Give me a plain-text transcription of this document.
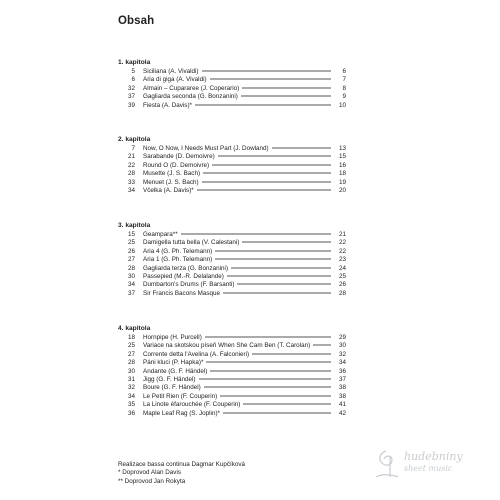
Obsah
1. kapitola
5 Siciliana (A. Vivaldi)	6
6 Aria di giga (A. Vivaldi)	7
32 Almain – Cupararee (J. Coperario)	8
37 Gagliarda seconda (G. Bonzanini)	9
39 Fiesta (A. Davis)*	10
2. kapitola
7 Now, O Now, I Needs Must Part (J. Dowland)	13
21 Sarabande (D. Demoivre)	15
22 Round O (D. Demoivre)	16
28 Musette (J. S. Bach)	18
33 Menuet (J. S. Bach)	19
34 Včelka (A. Davis)*	20
3. kapitola
15 Geampara**	21
25 Damigella tutta bella (V. Calestani)	22
26 Aria 4 (G. Ph. Telemann)	22
27 Aria 1 (G. Ph. Telemann)	23
28 Gagliarda terza (G. Bonzanini)	24
30 Passepied (M.-R. Delalande)	25
34 Dumbarton's Drums (F. Barsanti)	26
37 Sir Francis Bacons Masque	28
4. kapitola
18 Hornpipe (H. Purcell)	29
25 Variace na skotskou píseň When She Cam Ben (T. Carolan)	30
27 Corrente detta l'Avelina (A. Falconieri)	32
28 Páni kluci (P. Hapka)*	34
30 Andante (G. F. Händel)	36
31 Jigg (G. F. Händel)	37
32 Boure (G. F. Händel)	38
34 Le Petit Rien (F. Couperin)	38
35 La Linote éfarouchée (F. Couperin)	41
36 Maple Leaf Rag (S. Joplin)*	42
Realizace bassa continua Dagmar Kupčíková
* Doprovod Alan Davis
** Doprovod Jan Rokyta
hudebniny
sheet music
